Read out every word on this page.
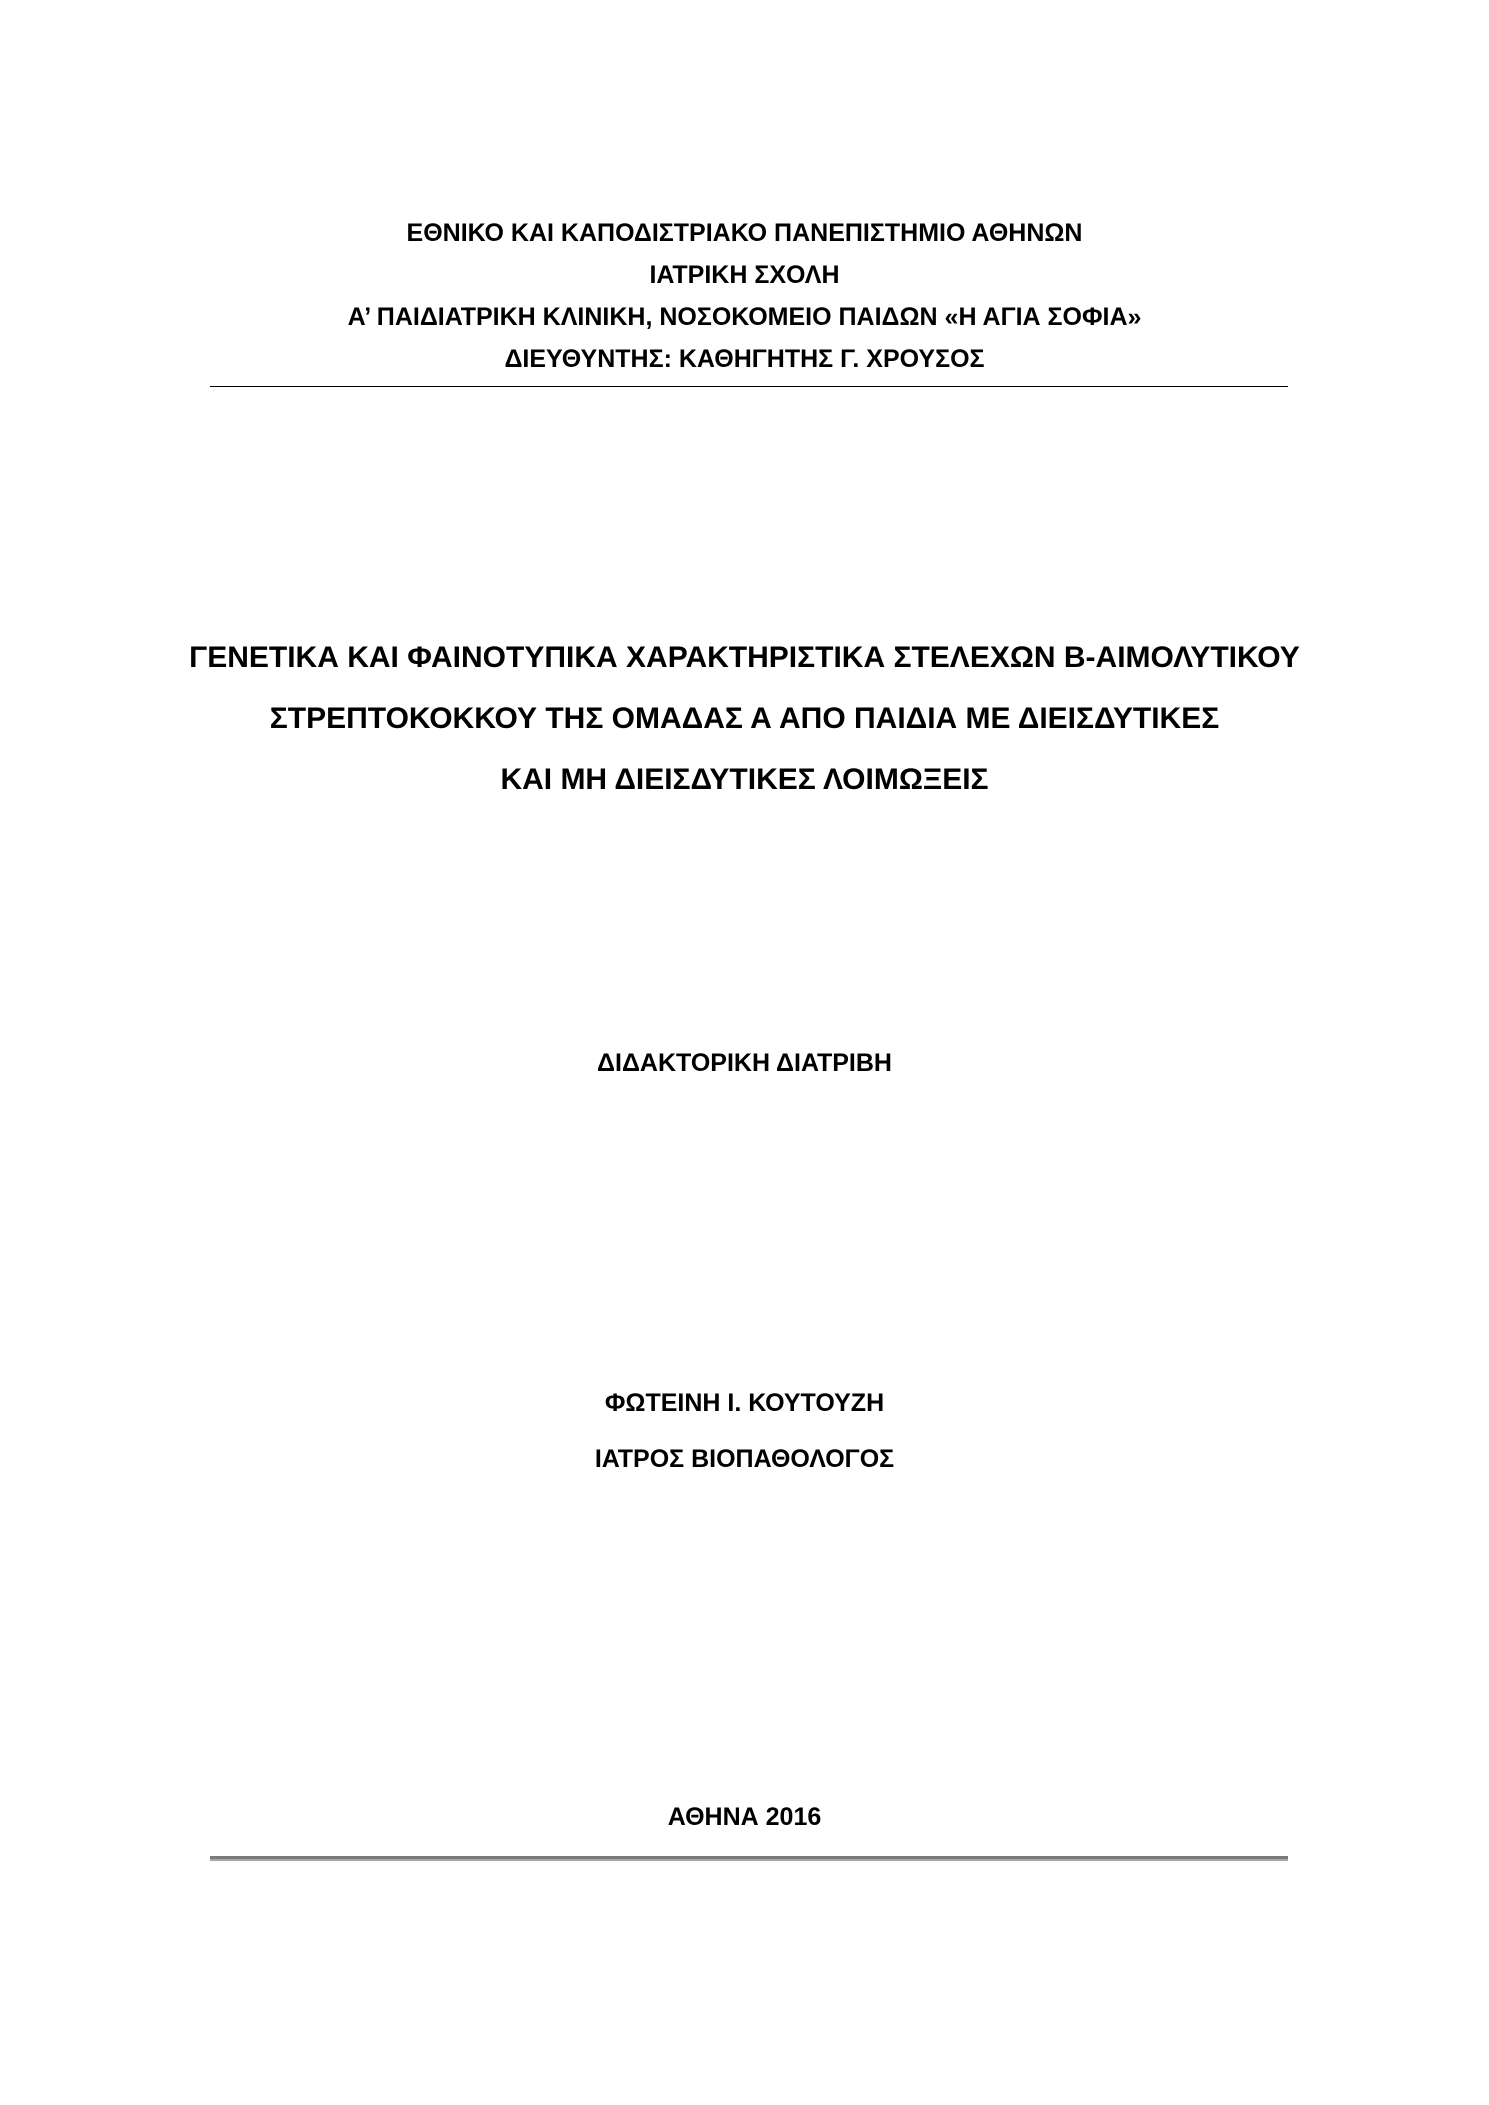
ΕΘΝΙΚΟ ΚΑΙ ΚΑΠΟΔΙΣΤΡΙΑΚΟ ΠΑΝΕΠΙΣΤΗΜΙΟ ΑΘΗΝΩΝ
ΙΑΤΡΙΚΗ ΣΧΟΛΗ
Α’ ΠΑΙΔΙΑΤΡΙΚΗ ΚΛΙΝΙΚΗ, ΝΟΣΟΚΟΜΕΙΟ ΠΑΙΔΩΝ «Η ΑΓΙΑ ΣΟΦΙΑ»
ΔΙΕΥΘΥΝΤΗΣ: ΚΑΘΗΓΗΤΗΣ Γ. ΧΡΟΥΣΟΣ
ΓΕΝΕΤΙΚΑ ΚΑΙ ΦΑΙΝΟΤΥΠΙΚΑ ΧΑΡΑΚΤΗΡΙΣΤΙΚΑ ΣΤΕΛΕΧΩΝ Β-ΑΙΜΟΛΥΤΙΚΟΥ
ΣΤΡΕΠΤΟΚΟΚΚΟΥ ΤΗΣ ΟΜΑΔΑΣ Α ΑΠΟ ΠΑΙΔΙΑ ΜΕ ΔΙΕΙΣΔΥΤΙΚΕΣ
ΚΑΙ ΜΗ ΔΙΕΙΣΔΥΤΙΚΕΣ ΛΟΙΜΩΞΕΙΣ
ΔΙΔΑΚΤΟΡΙΚΗ ΔΙΑΤΡΙΒΗ
ΦΩΤΕΙΝΗ Ι. ΚΟΥΤΟΥΖΗ
ΙΑΤΡΟΣ ΒΙΟΠΑΘΟΛΟΓΟΣ
ΑΘΗΝΑ 2016
